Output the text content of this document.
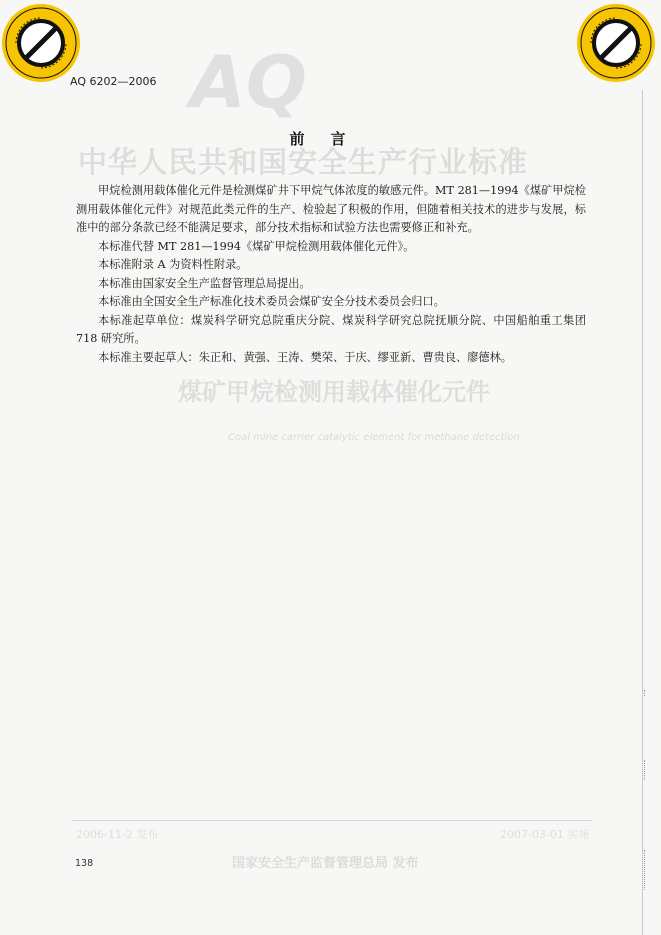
AQ
中华人民共和国安全生产行业标准
煤矿甲烷检测用载体催化元件
Coal mine carrier catalytic element for methane detection
2006-11-2 发布	2007-03-01 实施
国家安全生产监督管理总局 发布
AQ 6202—2006
前言

甲烷检测用载体催化元件是检测煤矿井下甲烷气体浓度的敏感元件。MT 281—1994《煤矿甲烷检测用载体催化元件》对规范此类元件的生产、检验起了积极的作用，但随着相关技术的进步与发展，标准中的部分条款已经不能满足要求，部分技术指标和试验方法也需要修正和补充。

本标准代替 MT 281—1994《煤矿甲烷检测用载体催化元件》。

本标准附录 A 为资料性附录。

本标准由国家安全生产监督管理总局提出。

本标准由全国安全生产标准化技术委员会煤矿安全分技术委员会归口。

本标准起草单位：煤炭科学研究总院重庆分院、煤炭科学研究总院抚顺分院、中国船舶重工集团718 研究所。

本标准主要起草人：朱正和、黄强、王涛、樊荣、于庆、缪亚新、曹贵良、廖德林。

138
